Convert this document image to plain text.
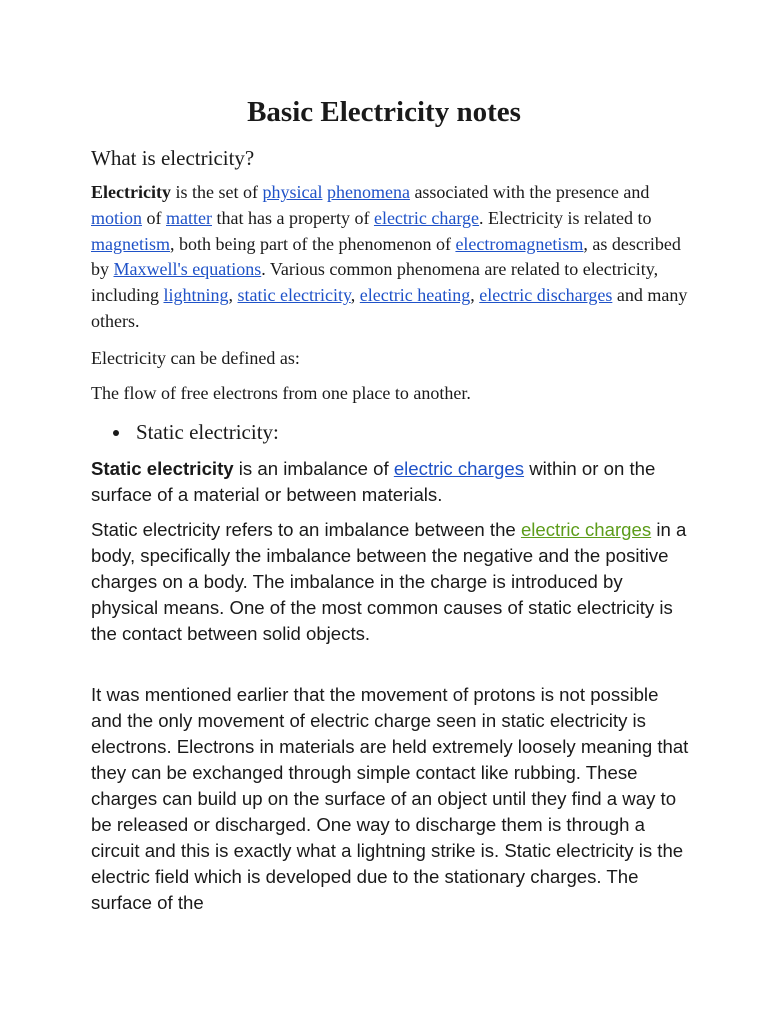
Basic Electricity notes

What is electricity?

Electricity is the set of physical phenomena associated with the presence and motion of matter that has a property of electric charge. Electricity is related to magnetism, both being part of the phenomenon of electromagnetism, as described by Maxwell's equations. Various common phenomena are related to electricity, including lightning, static electricity, electric heating, electric discharges and many others.

Electricity can be defined as:

The flow of free electrons from one place to another.

Static electricity:

Static electricity is an imbalance of electric charges within or on the surface of a material or between materials.

Static electricity refers to an imbalance between the electric charges in a body, specifically the imbalance between the negative and the positive charges on a body. The imbalance in the charge is introduced by physical means. One of the most common causes of static electricity is the contact between solid objects.

It was mentioned earlier that the movement of protons is not possible and the only movement of electric charge seen in static electricity is electrons. Electrons in materials are held extremely loosely meaning that they can be exchanged through simple contact like rubbing. These charges can build up on the surface of an object until they find a way to be released or discharged. One way to discharge them is through a circuit and this is exactly what a lightning strike is. Static electricity is the electric field which is developed due to the stationary charges. The surface of the
